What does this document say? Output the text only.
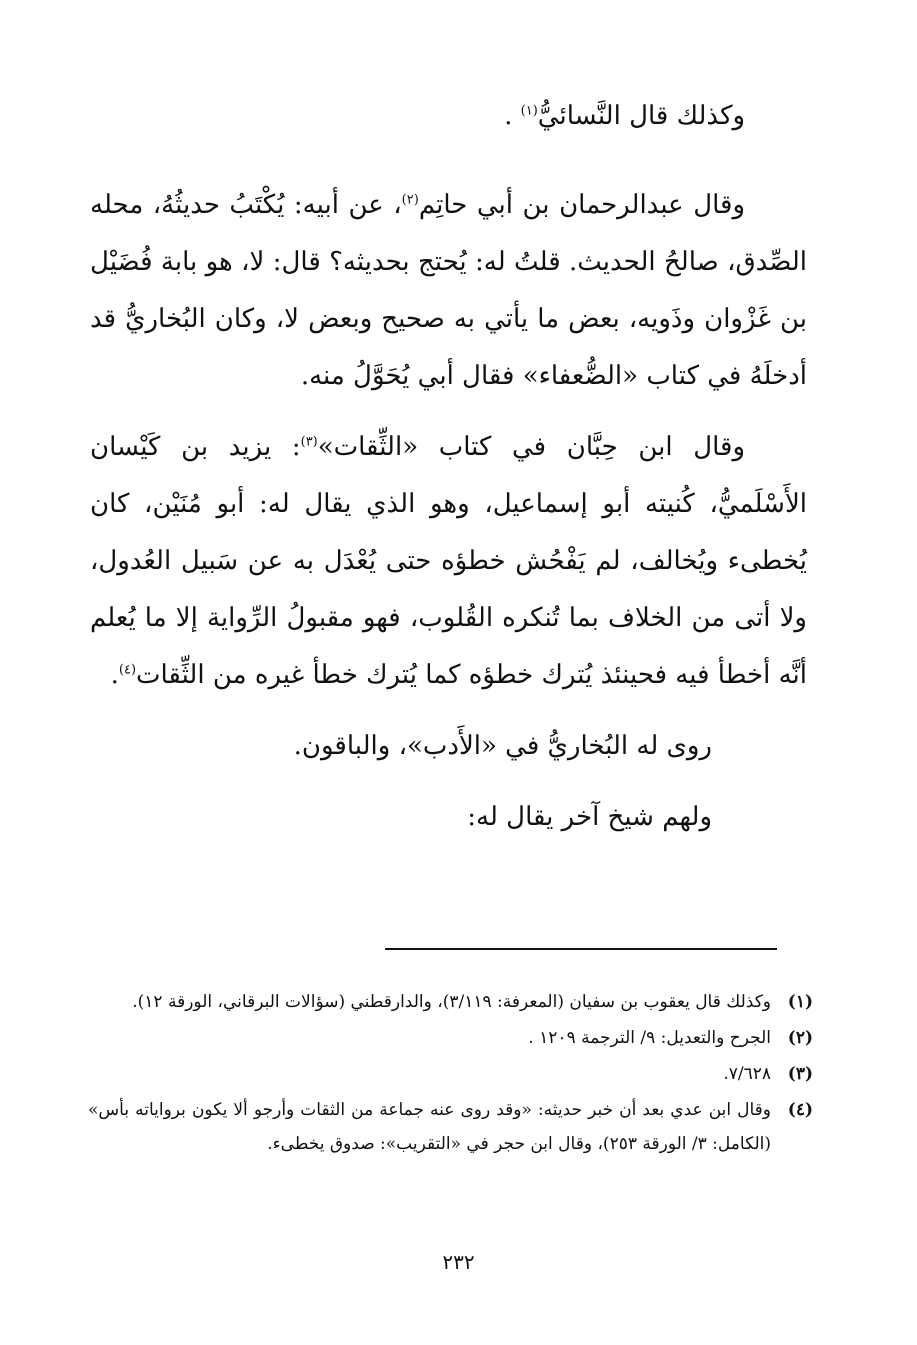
وكذلك قال النَّسائيُّ$^{(١)}$ .

وقال عبدالرحمان بن أبي حاتِم$^{(٢)}$، عن أبيه: يُكْتَبُ حديثُهُ، محله الصِّدق، صالحُ الحديث. قلتُ له: يُحتج بحديثه؟ قال: لا، هو بابة فُضَيْل بن غَزْوان وذَويه، بعض ما يأتي به صحيح وبعض لا، وكان البُخاريُّ قد أدخلَهُ في كتاب «الضُّعفاء» فقال أبي يُحَوَّلُ منه.

وقال ابن حِبَّان في كتاب «الثِّقات»$^{(٣)}$: يزيد بن كَيْسان الأَسْلَميُّ، كُنيته أبو إسماعيل، وهو الذي يقال له: أبو مُنَيْن، كان يُخطىء ويُخالف، لم يَفْحُش خطؤه حتى يُعْدَل به عن سَبيل العُدول، ولا أتى من الخلاف بما تُنكره القُلوب، فهو مقبولُ الرِّواية إلا ما يُعلم أنَّه أخطأ فيه فحينئذ يُترك خطؤه كما يُترك خطأ غيره من الثِّقات$^{(٤)}$.

روى له البُخاريُّ في «الأَدب»، والباقون.

ولهم شيخ آخر يقال له:

(١)
وكذلك قال يعقوب بن سفيان (المعرفة: ٣/١١٩)، والدارقطني (سؤالات البرقاني، الورقة ١٢).
(٢)
الجرح والتعديل: ٩/ الترجمة ١٢٠٩ .
(٣)
٧/٦٢٨.
(٤)
وقال ابن عدي بعد أن خبر حديثه: «وقد روى عنه جماعة من الثقات وأرجو ألا يكون برواياته بأس» (الكامل: ٣/ الورقة ٢٥٣)، وقال ابن حجر في «التقريب»: صدوق يخطىء.
٢٣٢
